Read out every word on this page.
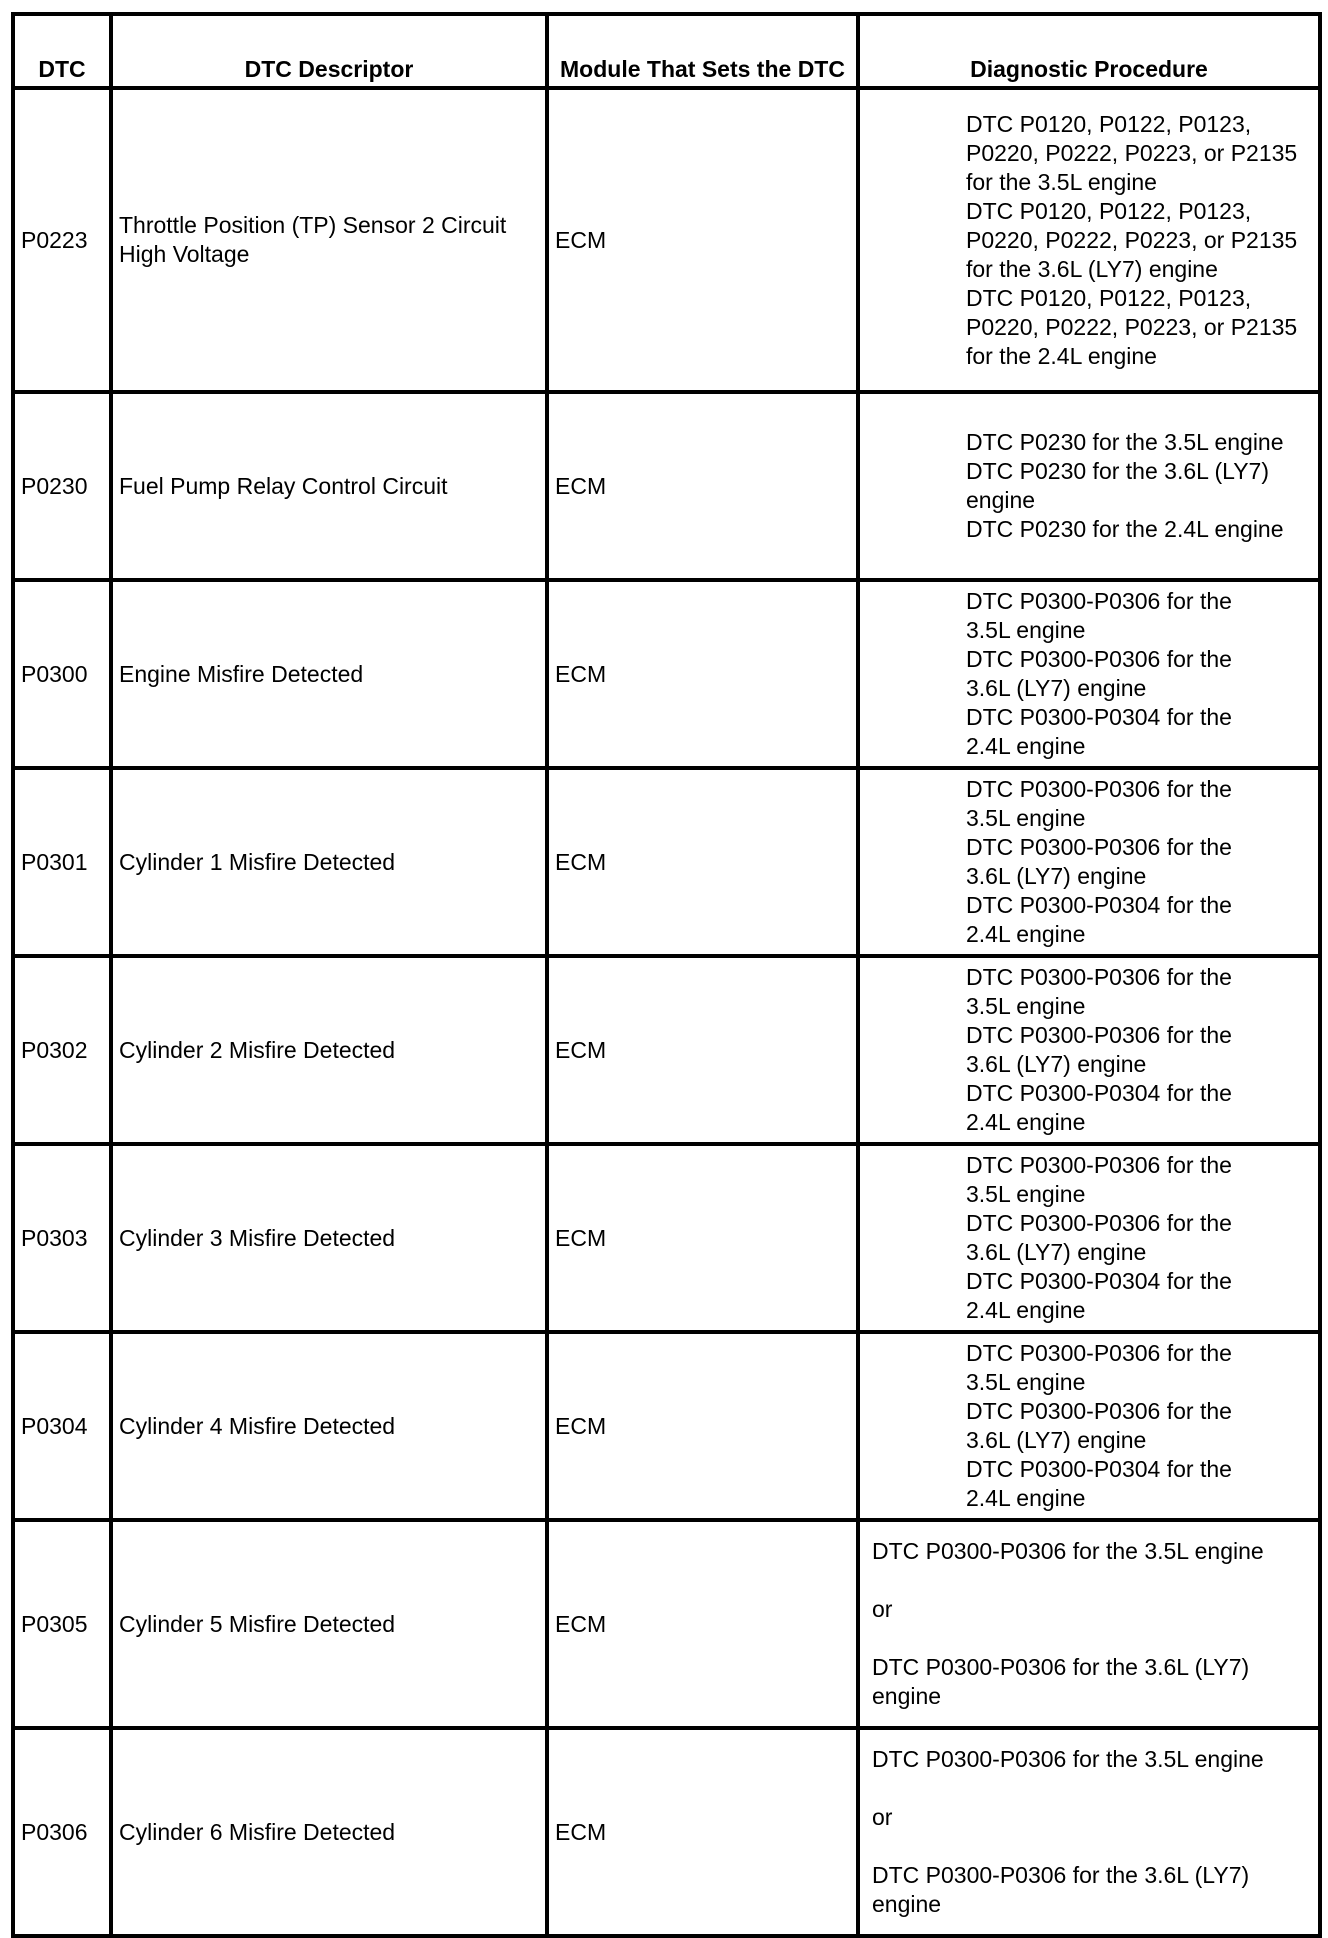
DTC	DTC Descriptor	Module That Sets the DTC	Diagnostic Procedure
P0223	Throttle Position (TP) Sensor 2 Circuit High Voltage	ECM	DTC P0120, P0122, P0123, P0220, P0222, P0223, or P2135 for the 3.5L engine
DTC P0120, P0122, P0123, P0220, P0222, P0223, or P2135 for the 3.6L (LY7) engine
DTC P0120, P0122, P0123, P0220, P0222, P0223, or P2135 for the 2.4L engine

P0230	Fuel Pump Relay Control Circuit	ECM	DTC P0230 for the 3.5L engine
DTC P0230 for the 3.6L (LY7) engine
DTC P0230 for the 2.4L engine

P0300	Engine Misfire Detected	ECM	DTC P0300-P0306 for the 3.5L engine
DTC P0300-P0306 for the 3.6L (LY7) engine
DTC P0300-P0304 for the 2.4L engine

P0301	Cylinder 1 Misfire Detected	ECM	DTC P0300-P0306 for the 3.5L engine
DTC P0300-P0306 for the 3.6L (LY7) engine
DTC P0300-P0304 for the 2.4L engine

P0302	Cylinder 2 Misfire Detected	ECM	DTC P0300-P0306 for the 3.5L engine
DTC P0300-P0306 for the 3.6L (LY7) engine
DTC P0300-P0304 for the 2.4L engine

P0303	Cylinder 3 Misfire Detected	ECM	DTC P0300-P0306 for the 3.5L engine
DTC P0300-P0306 for the 3.6L (LY7) engine
DTC P0300-P0304 for the 2.4L engine

P0304	Cylinder 4 Misfire Detected	ECM	DTC P0300-P0306 for the 3.5L engine
DTC P0300-P0306 for the 3.6L (LY7) engine
DTC P0300-P0304 for the 2.4L engine

P0305	Cylinder 5 Misfire Detected	ECM	DTC P0300-P0306 for the 3.5L engine
or
DTC P0300-P0306 for the 3.6L (LY7) engine

P0306	Cylinder 6 Misfire Detected	ECM	DTC P0300-P0306 for the 3.5L engine
or
DTC P0300-P0306 for the 3.6L (LY7) engine
